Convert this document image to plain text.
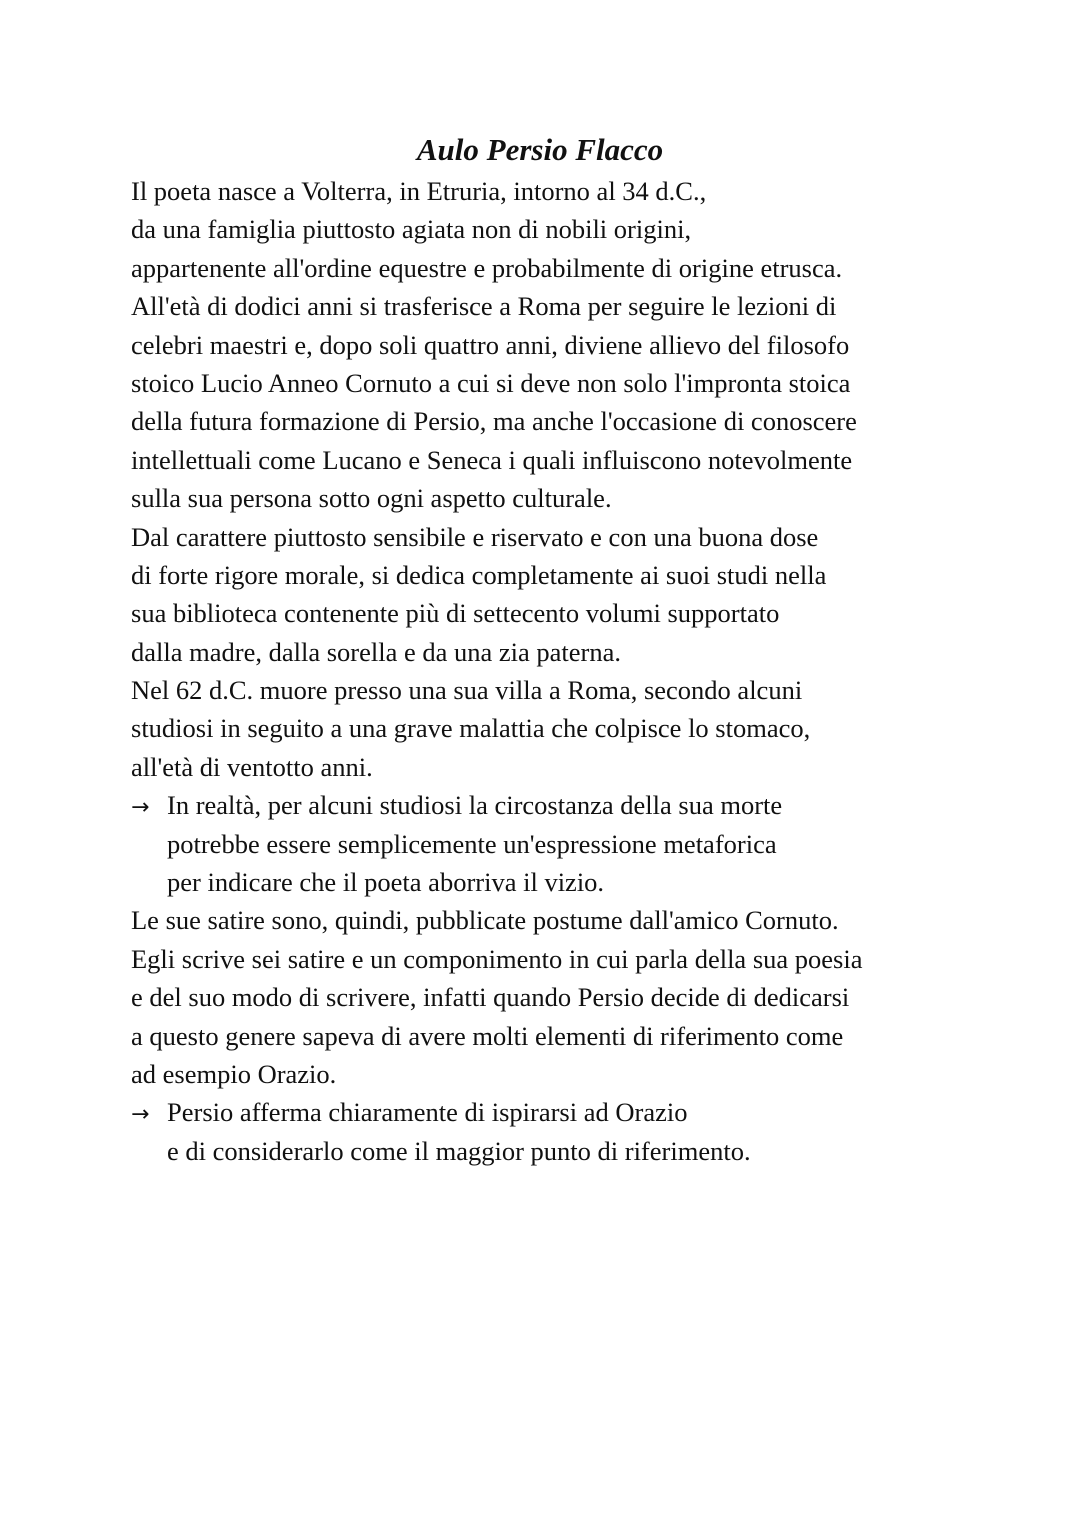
Aulo Persio Flacco
Il poeta nasce a Volterra, in Etruria, intorno al 34 d.C.,
da una famiglia piuttosto agiata non di nobili origini,
appartenente all'ordine equestre e probabilmente di origine etrusca.
All'età di dodici anni si trasferisce a Roma per seguire le lezioni di
celebri maestri e, dopo soli quattro anni, diviene allievo del filosofo
stoico Lucio Anneo Cornuto a cui si deve non solo l'impronta stoica
della futura formazione di Persio, ma anche l'occasione di conoscere
intellettuali come Lucano e Seneca i quali influiscono notevolmente
sulla sua persona sotto ogni aspetto culturale.
Dal carattere piuttosto sensibile e riservato e con una buona dose
di forte rigore morale, si dedica completamente ai suoi studi nella
sua biblioteca contenente più di settecento volumi supportato
dalla madre, dalla sorella e da una zia paterna.
Nel 62 d.C. muore presso una sua villa a Roma, secondo alcuni
studiosi in seguito a una grave malattia che colpisce lo stomaco,
all'età di ventotto anni.
→ In realtà, per alcuni studiosi la circostanza della sua morte
potrebbe essere semplicemente un'espressione metaforica
per indicare che il poeta aborriva il vizio.
Le sue satire sono, quindi, pubblicate postume dall'amico Cornuto.
Egli scrive sei satire e un componimento in cui parla della sua poesia
e del suo modo di scrivere, infatti quando Persio decide di dedicarsi
a questo genere sapeva di avere molti elementi di riferimento come
ad esempio Orazio.
→ Persio afferma chiaramente di ispirarsi ad Orazio
e di considerarlo come il maggior punto di riferimento.
